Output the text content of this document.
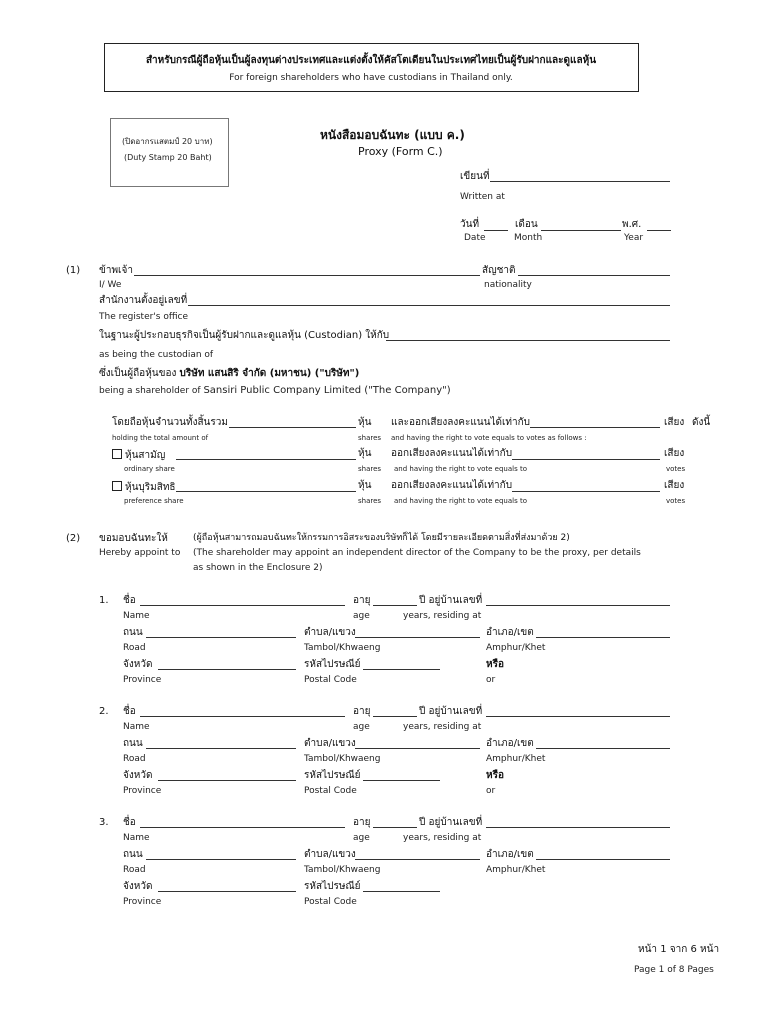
สำหรับกรณีผู้ถือหุ้นเป็นผู้ลงทุนต่างประเทศและแต่งตั้งให้คัสโตเดียนในประเทศไทยเป็นผู้รับฝากและดูแลหุ้น
For foreign shareholders who have custodians in Thailand only.
(ปิดอากรแสตมป์ 20 บาท)
(Duty Stamp 20 Baht)
หนังสือมอบฉันทะ (แบบ ค.)
Proxy (Form C.)
เขียนที่
Written at
วันที่	เดือน	พ.ศ.
Date	Month	Year
(1) ข้าพเจ้า	สัญชาติ
I/ We	nationality
สำนักงานตั้งอยู่เลขที่
The register's office
ในฐานะผู้ประกอบธุรกิจเป็นผู้รับฝากและดูแลหุ้น (Custodian) ให้กับ
as being the custodian of
ซึ่งเป็นผู้ถือหุ้นของ บริษัท แสนสิริ จำกัด (มหาชน) ("บริษัท")
being a shareholder of Sansiri Public Company Limited ("The Company")
โดยถือหุ้นจำนวนทั้งสิ้นรวม	หุ้น และออกเสียงลงคะแนนได้เท่ากับ	เสียง ดังนี้
holding the total amount of	shares and having the right to vote equals to votes as follows :
หุ้นสามัญ	หุ้น ออกเสียงลงคะแนนได้เท่ากับ	เสียง
ordinary share	shares and having the right to vote equals to	votes
หุ้นบุริมสิทธิ	หุ้น ออกเสียงลงคะแนนได้เท่ากับ	เสียง
preference share	shares and having the right to vote equals to	votes
(2) ขอมอบฉันทะให้	(ผู้ถือหุ้นสามารถมอบฉันทะให้กรรมการอิสระของบริษัทก็ได้ โดยมีรายละเอียดตามสิ่งที่ส่งมาด้วย 2)
Hereby appoint to (The shareholder may appoint an independent director of the Company to be the proxy, per details
as shown in the Enclosure 2)
1. ชื่อ	อายุ	ปี อยู่บ้านเลขที่
Name	age	years, residing at
ถนน	ตำบล/แขวง	อำเภอ/เขต
Road	Tambol/Khwaeng	Amphur/Khet
จังหวัด	รหัสไปรษณีย์
Province	Postal Code
หรือ
or
2. ชื่อ	อายุ	ปี อยู่บ้านเลขที่
Name	age	years, residing at
ถนน	ตำบล/แขวง	อำเภอ/เขต
Road	Tambol/Khwaeng	Amphur/Khet
จังหวัด	รหัสไปรษณีย์
Province	Postal Code
หรือ
or
3. ชื่อ	อายุ	ปี อยู่บ้านเลขที่
Name	age	years, residing at
ถนน	ตำบล/แขวง	อำเภอ/เขต
Road	Tambol/Khwaeng	Amphur/Khet
จังหวัด	รหัสไปรษณีย์
Province	Postal Code
หน้า 1 จาก 6 หน้า
Page 1 of 8 Pages
